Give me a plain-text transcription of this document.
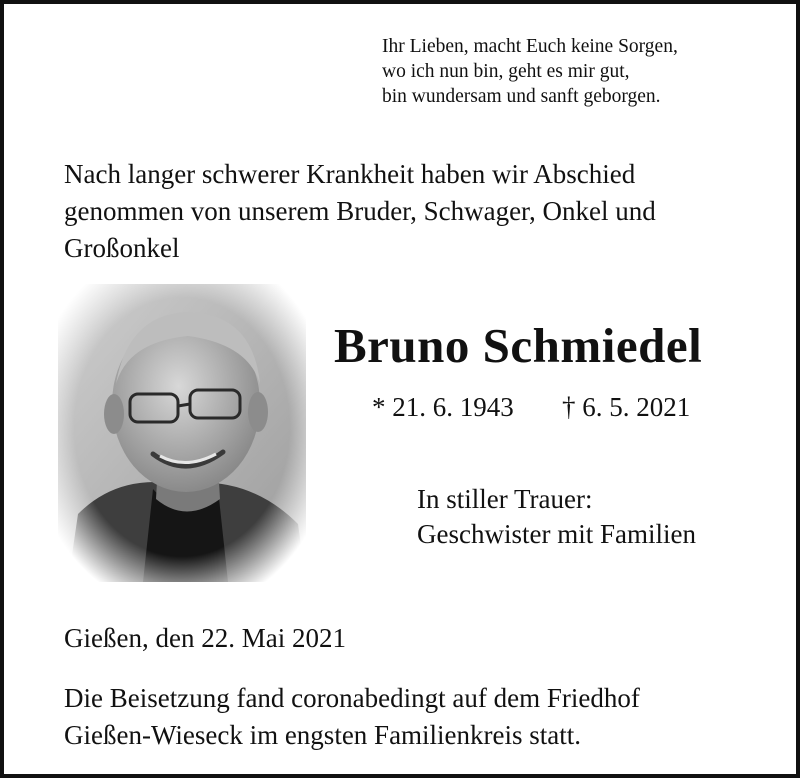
Ihr Lieben, macht Euch keine Sorgen,
wo ich nun bin, geht es mir gut,
bin wundersam und sanft geborgen.
Nach langer schwerer Krankheit haben wir Abschied
genommen von unserem Bruder, Schwager, Onkel und
Großonkel
Bruno Schmiedel
* 21. 6. 1943 † 6. 5. 2021
In stiller Trauer:
Geschwister mit Familien
Gießen, den 22. Mai 2021
Die Beisetzung fand coronabedingt auf dem Friedhof
Gießen-Wieseck im engsten Familienkreis statt.
